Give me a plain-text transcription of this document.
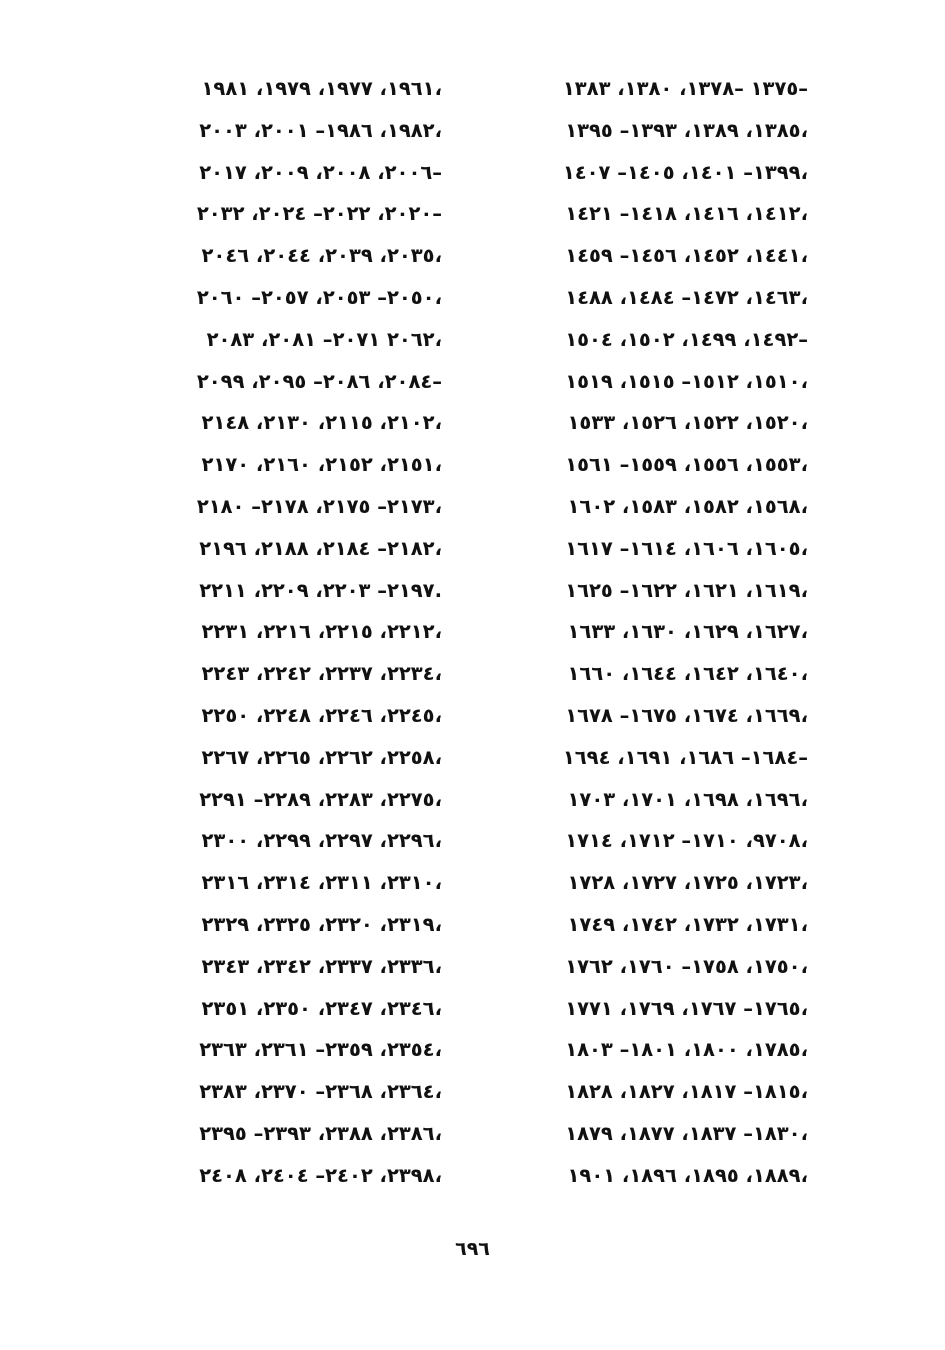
١٣٧٥ –١٣٧٨، ١٣٨٠، ١٣٨٣–
١٣٨٥، ١٣٨٩، ١٣٩٣– ١٣٩٥،
١٣٩٩– ١٤٠١، ١٤٠٥– ١٤٠٧،
١٤١٢، ١٤١٦، ١٤١٨– ١٤٢١،
١٤٤١، ١٤٥٢، ١٤٥٦– ١٤٥٩،
١٤٦٣، ١٤٧٢– ١٤٨٤، ١٤٨٨،
١٤٩٢، ١٤٩٩، ١٥٠٢، ١٥٠٤–
١٥١٠، ١٥١٢– ١٥١٥، ١٥١٩،
١٥٢٠، ١٥٢٢، ١٥٢٦، ١٥٣٣،
١٥٥٣، ١٥٥٦، ١٥٥٩– ١٥٦١،
١٥٦٨، ١٥٨٢، ١٥٨٣، ١٦٠٢،
١٦٠٥، ١٦٠٦، ١٦١٤– ١٦١٧،
١٦١٩، ١٦٢١، ١٦٢٢– ١٦٢٥،
١٦٢٧، ١٦٢٩، ١٦٣٠، ١٦٣٣،
١٦٤٠، ١٦٤٢، ١٦٤٤، ١٦٦٠،
١٦٦٩، ١٦٧٤، ١٦٧٥– ١٦٧٨،
١٦٨٤– ١٦٨٦، ١٦٩١، ١٦٩٤–
١٦٩٦، ١٦٩٨، ١٧٠١، ١٧٠٣،
٩٧٠٨، ١٧١٠– ١٧١٢، ١٧١٤،
١٧٢٣، ١٧٢٥، ١٧٢٧، ١٧٢٨،
١٧٣١، ١٧٣٢، ١٧٤٢، ١٧٤٩،
١٧٥٠، ١٧٥٨– ١٧٦٠، ١٧٦٢،
١٧٦٥– ١٧٦٧، ١٧٦٩، ١٧٧١،
١٧٨٥، ١٨٠٠، ١٨٠١– ١٨٠٣،
١٨١٥– ١٨١٧، ١٨٢٧، ١٨٢٨،
١٨٣٠– ١٨٣٧، ١٨٧٧، ١٨٧٩،
١٨٨٩، ١٨٩٥، ١٨٩٦، ١٩٠١،
١٩٦١، ١٩٧٧، ١٩٧٩، ١٩٨١،
١٩٨٢، ١٩٨٦– ٢٠٠١، ٢٠٠٣،
٢٠٠٦، ٢٠٠٨، ٢٠٠٩، ٢٠١٧–
٢٠٢٠، ٢٠٢٢– ٢٠٢٤، ٢٠٣٢–
٢٠٣٥، ٢٠٣٩، ٢٠٤٤، ٢٠٤٦،
٢٠٥٠– ٢٠٥٣، ٢٠٥٧– ٢٠٦٠،
٢٠٦٢ ٢٠٧١– ٢٠٨١، ٢٠٨٣،
٢٠٨٤، ٢٠٨٦– ٢٠٩٥، ٢٠٩٩–
٢١٠٢، ٢١١٥، ٢١٣٠، ٢١٤٨،
٢١٥١، ٢١٥٢، ٢١٦٠، ٢١٧٠،
٢١٧٣– ٢١٧٥، ٢١٧٨– ٢١٨٠،
٢١٨٢– ٢١٨٤، ٢١٨٨، ٢١٩٦،
٢١٩٧– ٢٢٠٣، ٢٢٠٩، ٢٢١١.
٢٢١٢، ٢٢١٥، ٢٢١٦، ٢٢٣١،
٢٢٣٤، ٢٢٣٧، ٢٢٤٢، ٢٢٤٣،
٢٢٤٥، ٢٢٤٦، ٢٢٤٨، ٢٢٥٠،
٢٢٥٨، ٢٢٦٢، ٢٢٦٥، ٢٢٦٧،
٢٢٧٥، ٢٢٨٣، ٢٢٨٩– ٢٢٩١،
٢٢٩٦، ٢٢٩٧، ٢٢٩٩، ٢٣٠٠،
٢٣١٠، ٢٣١١، ٢٣١٤، ٢٣١٦،
٢٣١٩، ٢٣٢٠، ٢٣٢٥، ٢٣٢٩،
٢٣٣٦، ٢٣٣٧، ٢٣٤٢، ٢٣٤٣،
٢٣٤٦، ٢٣٤٧، ٢٣٥٠، ٢٣٥١،
٢٣٥٤، ٢٣٥٩– ٢٣٦١، ٢٣٦٣،
٢٣٦٤، ٢٣٦٨– ٢٣٧٠، ٢٣٨٣،
٢٣٨٦، ٢٣٨٨، ٢٣٩٣– ٢٣٩٥،
٢٣٩٨، ٢٤٠٢– ٢٤٠٤، ٢٤٠٨،
٦٩٦
